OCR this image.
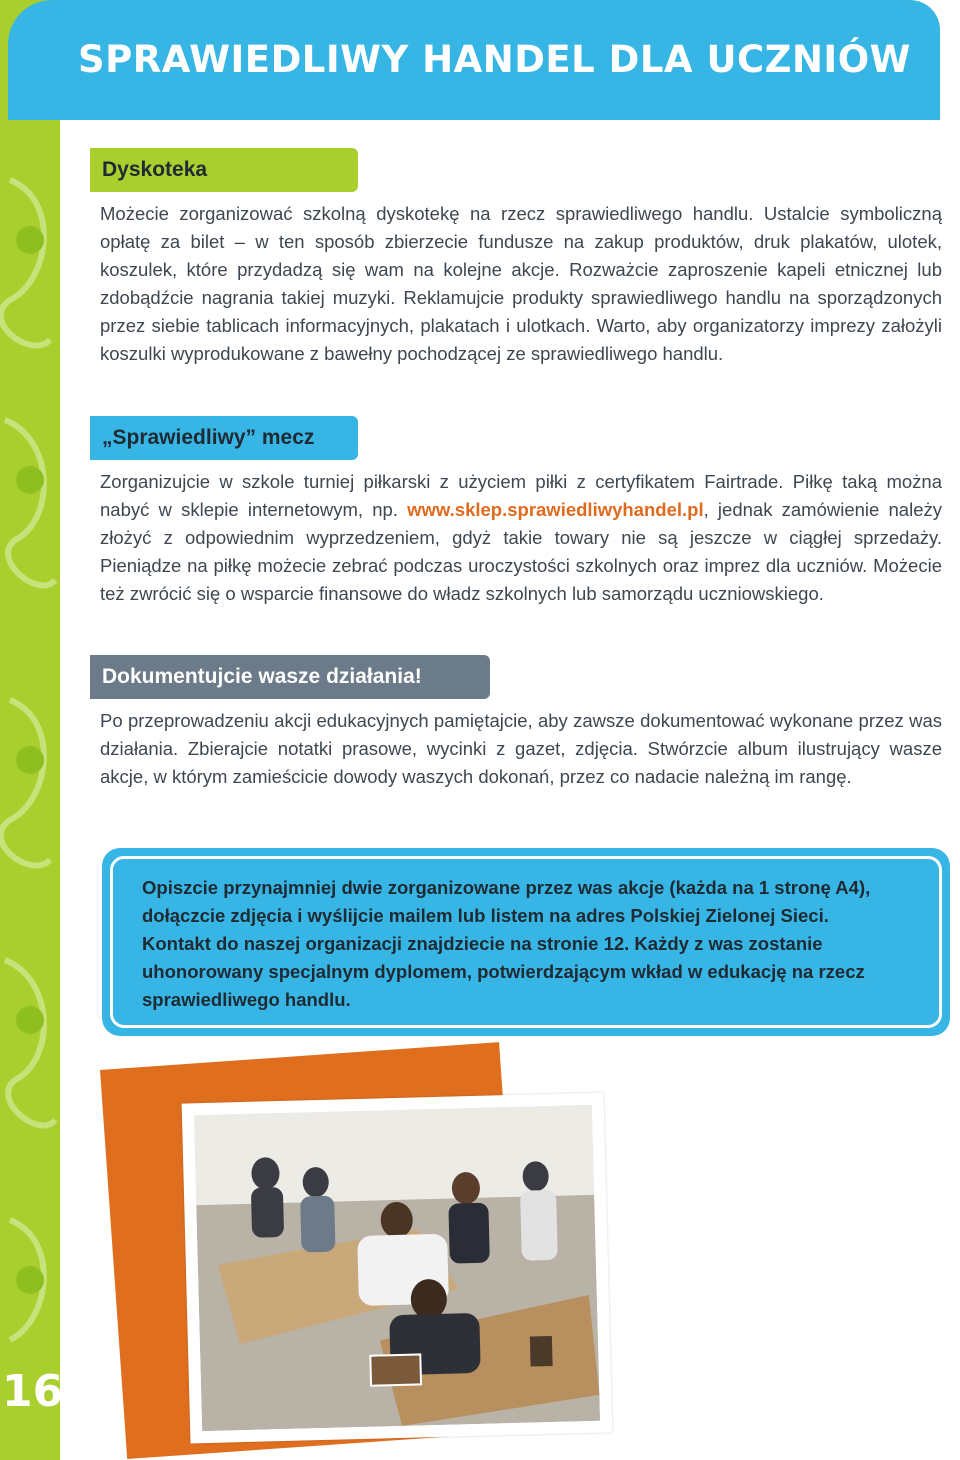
SPRAWIEDLIWY HANDEL DLA UCZNIÓW
Dyskoteka
Możecie zorganizować szkolną dyskotekę na rzecz sprawiedliwego handlu. Ustalcie symboliczną opłatę za bilet – w ten sposób zbierzecie fundusze na zakup produktów, druk plakatów, ulotek, koszulek, które przydadzą się wam na kolejne akcje. Rozważcie zaproszenie kapeli etnicznej lub zdobądźcie nagrania takiej muzyki. Reklamujcie produkty sprawiedliwego handlu na sporządzonych przez siebie tablicach informacyjnych, plakatach i ulotkach. Warto, aby organizatorzy imprezy założyli koszulki wyprodukowane z bawełny pochodzącej ze sprawiedliwego handlu.
„Sprawiedliwy” mecz
Zorganizujcie w szkole turniej piłkarski z użyciem piłki z certyfikatem Fairtrade. Piłkę taką można nabyć w sklepie internetowym, np. www.sklep.sprawiedliwyhandel.pl, jednak zamówienie należy złożyć z odpowiednim wyprzedzeniem, gdyż takie towary nie są jeszcze w ciągłej sprzedaży. Pieniądze na piłkę możecie zebrać podczas uroczystości szkolnych oraz imprez dla uczniów. Możecie też zwrócić się o wsparcie finansowe do władz szkolnych lub samorządu uczniowskiego.
Dokumentujcie wasze działania!
Po przeprowadzeniu akcji edukacyjnych pamiętajcie, aby zawsze dokumentować wykonane przez was działania. Zbierajcie notatki prasowe, wycinki z gazet, zdjęcia. Stwórzcie album ilustrujący wasze akcje, w którym zamieścicie dowody waszych dokonań, przez co nadacie należną im rangę.
Opiszcie przynajmniej dwie zorganizowane przez was akcje (każda na 1 stronę A4), dołączcie zdjęcia i wyślijcie mailem lub listem na adres Polskiej Zielonej Sieci. Kontakt do naszej organizacji znajdziecie na stronie 12. Każdy z was zostanie uhonorowany specjalnym dyplomem, potwierdzającym wkład w edukację na rzecz sprawiedliwego handlu.
16
